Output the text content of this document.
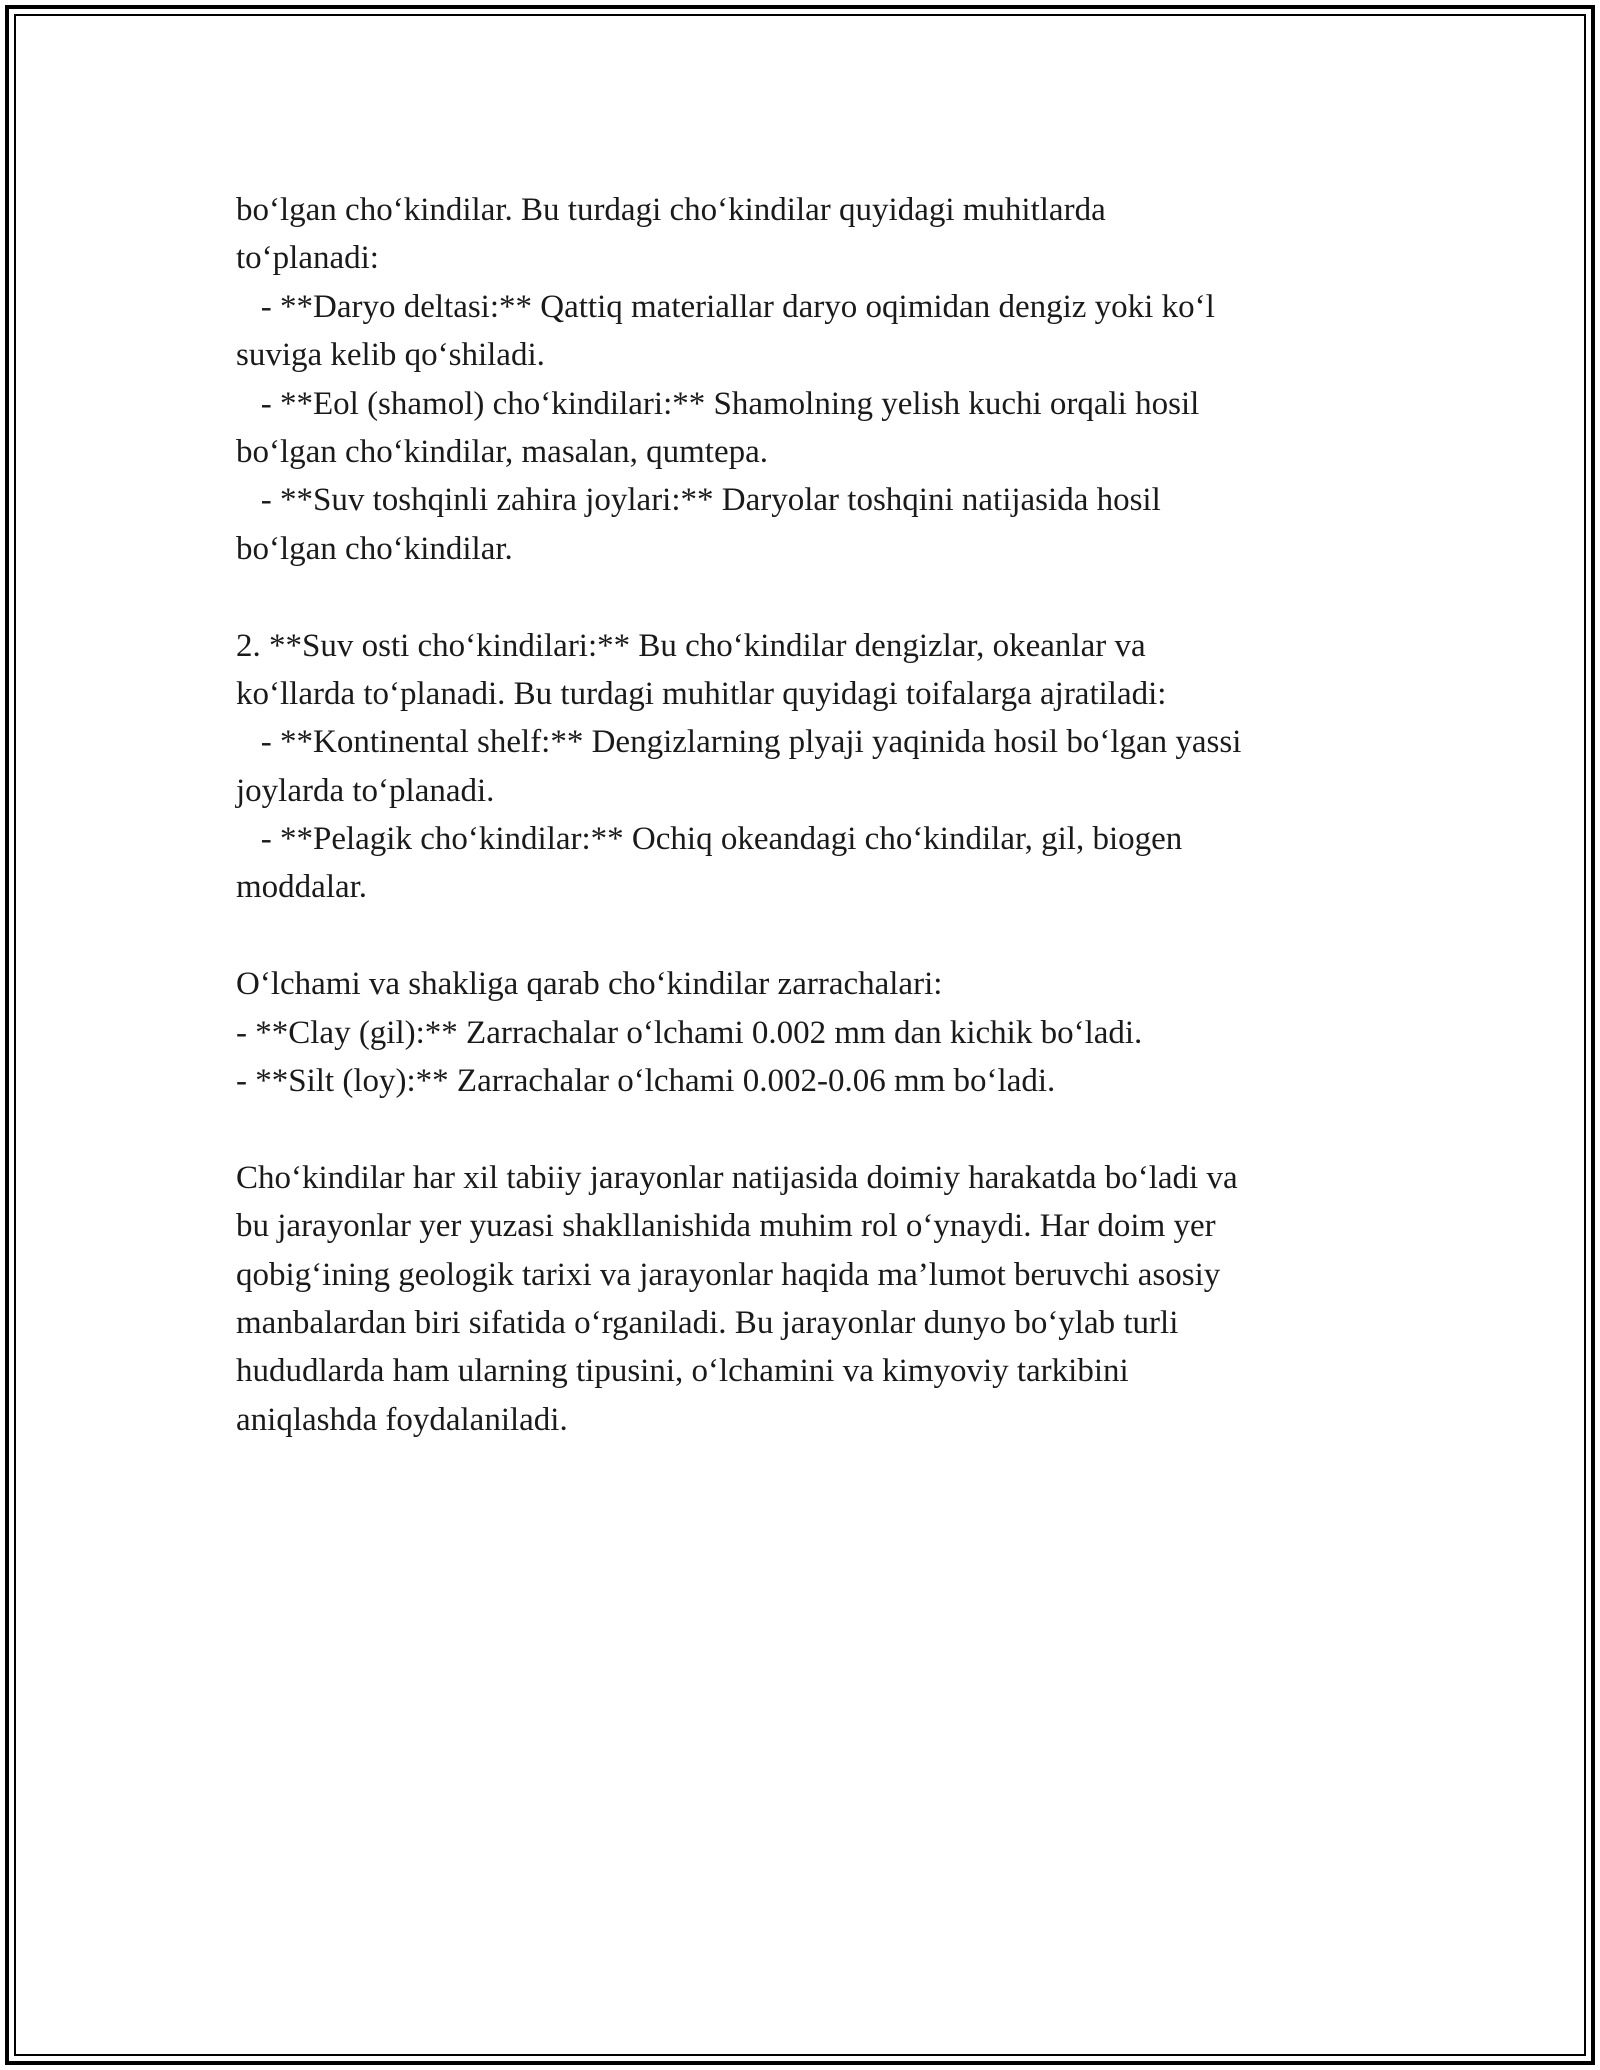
bo‘lgan cho‘kindilar. Bu turdagi cho‘kindilar quyidagi muhitlarda
to‘planadi:
- **Daryo deltasi:** Qattiq materiallar daryo oqimidan dengiz yoki ko‘l
suviga kelib qo‘shiladi.
- **Eol (shamol) cho‘kindilari:** Shamolning yelish kuchi orqali hosil
bo‘lgan cho‘kindilar, masalan, qumtepa.
- **Suv toshqinli zahira joylari:** Daryolar toshqini natijasida hosil
bo‘lgan cho‘kindilar.
2. **Suv osti cho‘kindilari:** Bu cho‘kindilar dengizlar, okeanlar va
ko‘llarda to‘planadi. Bu turdagi muhitlar quyidagi toifalarga ajratiladi:
- **Kontinental shelf:** Dengizlarning plyaji yaqinida hosil bo‘lgan yassi
joylarda to‘planadi.
- **Pelagik cho‘kindilar:** Ochiq okeandagi cho‘kindilar, gil, biogen
moddalar.
O‘lchami va shakliga qarab cho‘kindilar zarrachalari:
- **Clay (gil):** Zarrachalar o‘lchami 0.002 mm dan kichik bo‘ladi.
- **Silt (loy):** Zarrachalar o‘lchami 0.002-0.06 mm bo‘ladi.
Cho‘kindilar har xil tabiiy jarayonlar natijasida doimiy harakatda bo‘ladi va
bu jarayonlar yer yuzasi shakllanishida muhim rol o‘ynaydi. Har doim yer
qobig‘ining geologik tarixi va jarayonlar haqida ma’lumot beruvchi asosiy
manbalardan biri sifatida o‘rganiladi. Bu jarayonlar dunyo bo‘ylab turli
hududlarda ham ularning tipusini, o‘lchamini va kimyoviy tarkibini
aniqlashda foydalaniladi.
